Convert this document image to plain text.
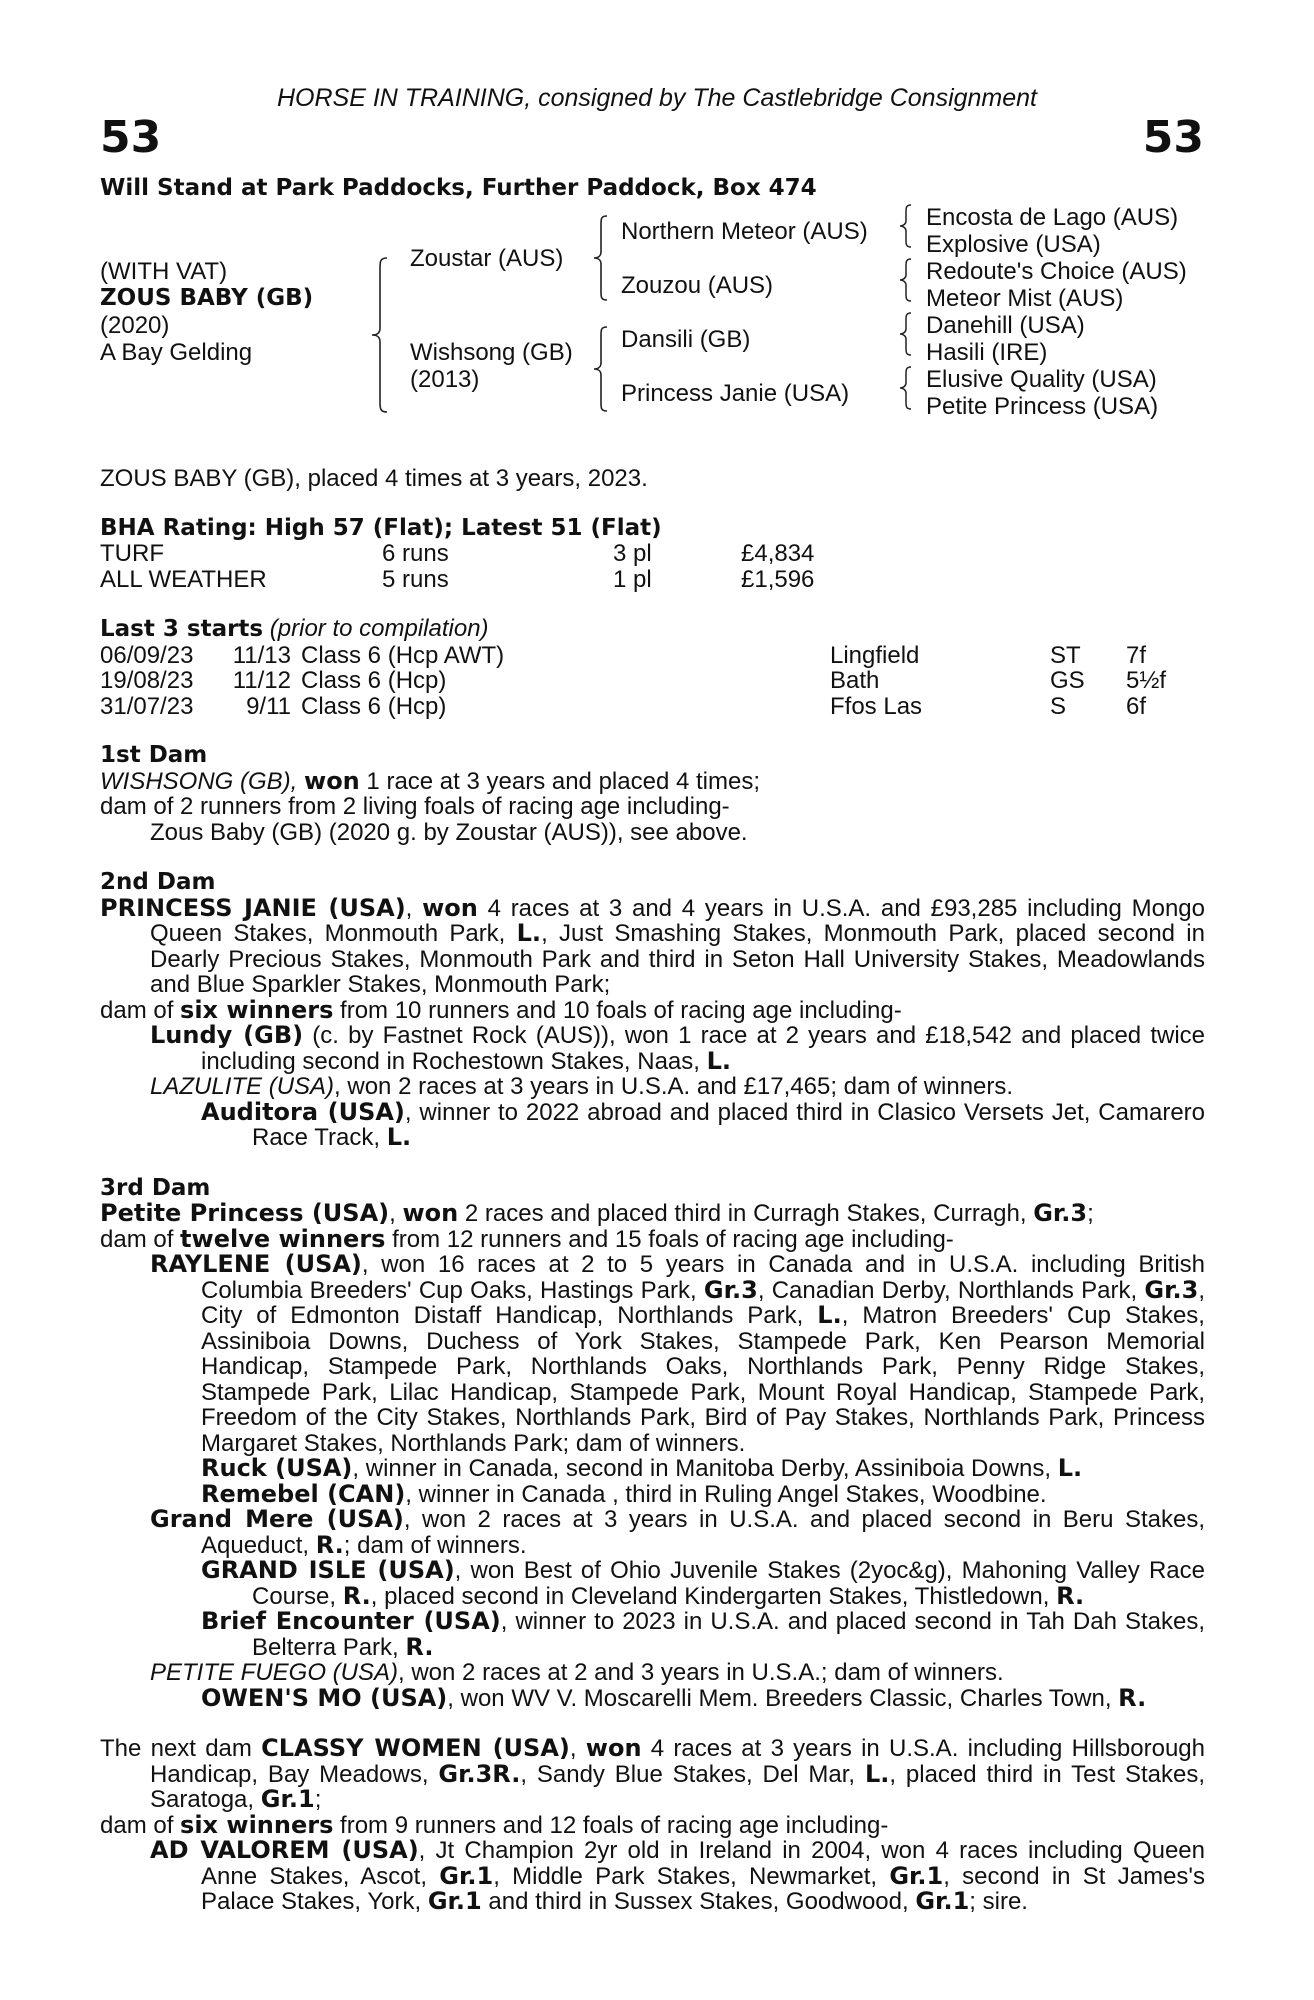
HORSE IN TRAINING, consigned by The Castlebridge Consignment
53	53
Will Stand at Park Paddocks, Further Paddock, Box 474
(WITH VAT)
ZOUS BABY (GB)
(2020)
A Bay Gelding
Zoustar (AUS)
Wishsong (GB)
(2013)
Northern Meteor (AUS)
Zouzou (AUS)
Dansili (GB)
Princess Janie (USA)
Encosta de Lago (AUS)
Explosive (USA)
Redoute's Choice (AUS)
Meteor Mist (AUS)
Danehill (USA)
Hasili (IRE)
Elusive Quality (USA)
Petite Princess (USA)

ZOUS BABY (GB), placed 4 times at 3 years, 2023.

BHA Rating: High 57 (Flat); Latest 51 (Flat)
TURF	6 runs	3 pl	£4,834
ALL WEATHER	5 runs	1 pl	£1,596
Last 3 starts (prior to compilation)
06/09/23	11/13	Class 6 (Hcp AWT)	Lingfield	ST	7f
19/08/23	11/12	Class 6 (Hcp)	Bath	GS	5½f
31/07/23	9/11	Class 6 (Hcp)	Ffos Las	S	6f
1st Dam

WISHSONG (GB), won 1 race at 3 years and placed 4 times;

dam of 2 runners from 2 living foals of racing age including-

Zous Baby (GB) (2020 g. by Zoustar (AUS)), see above.

2nd Dam

PRINCESS JANIE (USA), won 4 races at 3 and 4 years in U.S.A. and £93,285 including Mongo Queen Stakes, Monmouth Park, L., Just Smashing Stakes, Monmouth Park, placed second in Dearly Precious Stakes, Monmouth Park and third in Seton Hall University Stakes, Meadowlands and Blue Sparkler Stakes, Monmouth Park;

dam of six winners from 10 runners and 10 foals of racing age including-

Lundy (GB) (c. by Fastnet Rock (AUS)), won 1 race at 2 years and £18,542 and placed twice including second in Rochestown Stakes, Naas, L.

LAZULITE (USA), won 2 races at 3 years in U.S.A. and £17,465; dam of winners.

Auditora (USA), winner to 2022 abroad and placed third in Clasico Versets Jet, Camarero Race Track, L.

3rd Dam

Petite Princess (USA), won 2 races and placed third in Curragh Stakes, Curragh, Gr.3;

dam of twelve winners from 12 runners and 15 foals of racing age including-

RAYLENE (USA), won 16 races at 2 to 5 years in Canada and in U.S.A. including British Columbia Breeders' Cup Oaks, Hastings Park, Gr.3, Canadian Derby, Northlands Park, Gr.3, City of Edmonton Distaff Handicap, Northlands Park, L., Matron Breeders' Cup Stakes, Assiniboia Downs, Duchess of York Stakes, Stampede Park, Ken Pearson Memorial Handicap, Stampede Park, Northlands Oaks, Northlands Park, Penny Ridge Stakes, Stampede Park, Lilac Handicap, Stampede Park, Mount Royal Handicap, Stampede Park, Freedom of the City Stakes, Northlands Park, Bird of Pay Stakes, Northlands Park, Princess Margaret Stakes, Northlands Park; dam of winners.

Ruck (USA), winner in Canada, second in Manitoba Derby, Assiniboia Downs, L.

Remebel (CAN), winner in Canada , third in Ruling Angel Stakes, Woodbine.

Grand Mere (USA), won 2 races at 3 years in U.S.A. and placed second in Beru Stakes, Aqueduct, R.; dam of winners.

GRAND ISLE (USA), won Best of Ohio Juvenile Stakes (2yoc&g), Mahoning Valley Race Course, R., placed second in Cleveland Kindergarten Stakes, Thistledown, R.

Brief Encounter (USA), winner to 2023 in U.S.A. and placed second in Tah Dah Stakes, Belterra Park, R.

PETITE FUEGO (USA), won 2 races at 2 and 3 years in U.S.A.; dam of winners.

OWEN'S MO (USA), won WV V. Moscarelli Mem. Breeders Classic, Charles Town, R.

The next dam CLASSY WOMEN (USA), won 4 races at 3 years in U.S.A. including Hillsborough Handicap, Bay Meadows, Gr.3R., Sandy Blue Stakes, Del Mar, L., placed third in Test Stakes, Saratoga, Gr.1;

dam of six winners from 9 runners and 12 foals of racing age including-

AD VALOREM (USA), Jt Champion 2yr old in Ireland in 2004, won 4 races including Queen Anne Stakes, Ascot, Gr.1, Middle Park Stakes, Newmarket, Gr.1, second in St James's Palace Stakes, York, Gr.1 and third in Sussex Stakes, Goodwood, Gr.1; sire.
